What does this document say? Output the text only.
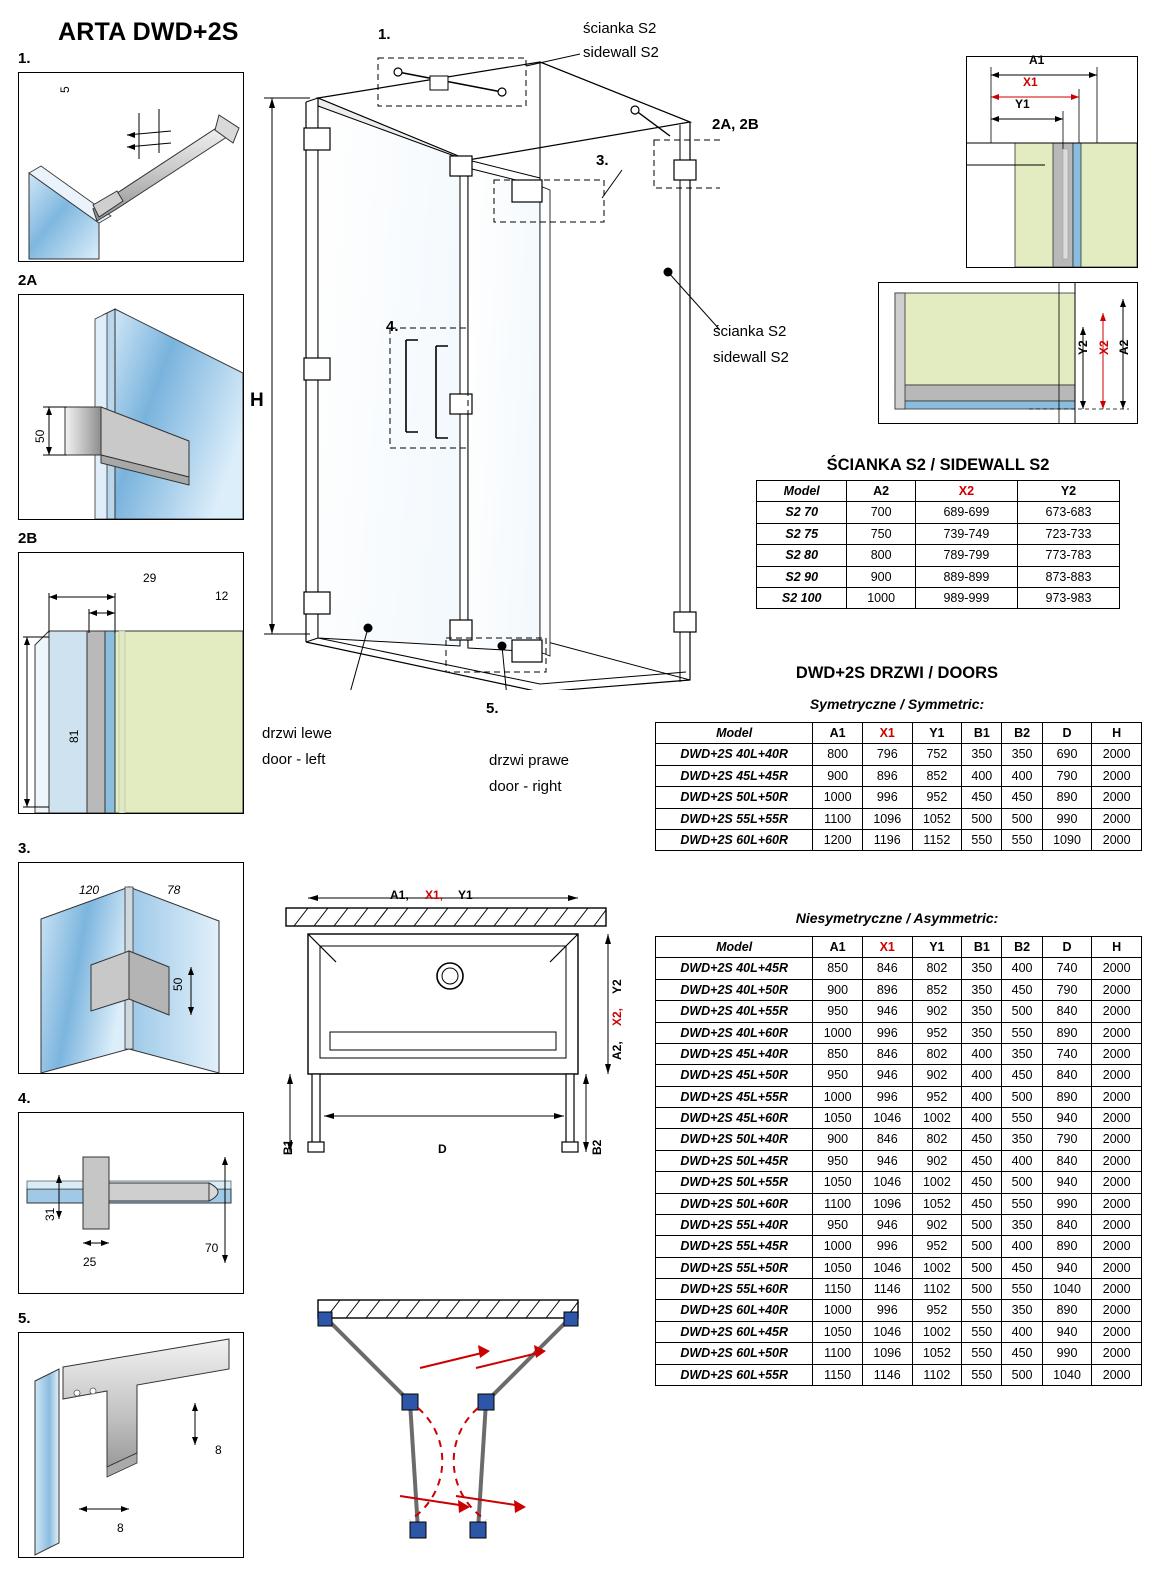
ARTA DWD+2S
1.
5
2A
50
2B
29
12
81
3.
120	78
50
4.
31
25
70
5.
8
8
H
1.
3.
4.
5.
2A, 2B
ścianka S2
sidewall S2
ścianka S2
sidewall S2
drzwi lewe
door - left	drzwi prawe
door - right
A1, X1, Y1
A2,
X2,
Y2
B1	B2
D
A1
X1
Y1
Y2 X2 A2
ŚCIANKA S2 / SIDEWALL S2
Model	A2	X2	Y2
S2 70	700	689-699	673-683
S2 75	750	739-749	723-733
S2 80	800	789-799	773-783
S2 90	900	889-899	873-883
S2 100	1000	989-999	973-983
DWD+2S DRZWI / DOORS
Symetryczne / Symmetric:
Model	A1	X1	Y1	B1	B2	D	H
DWD+2S 40L+40R	800	796	752	350	350	690	2000
DWD+2S 45L+45R	900	896	852	400	400	790	2000
DWD+2S 50L+50R	1000	996	952	450	450	890	2000
DWD+2S 55L+55R	1100	1096	1052	500	500	990	2000
DWD+2S 60L+60R	1200	1196	1152	550	550	1090	2000
Niesymetryczne / Asymmetric:
Model	A1	X1	Y1	B1	B2	D	H
DWD+2S 40L+45R	850	846	802	350	400	740	2000
DWD+2S 40L+50R	900	896	852	350	450	790	2000
DWD+2S 40L+55R	950	946	902	350	500	840	2000
DWD+2S 40L+60R	1000	996	952	350	550	890	2000
DWD+2S 45L+40R	850	846	802	400	350	740	2000
DWD+2S 45L+50R	950	946	902	400	450	840	2000
DWD+2S 45L+55R	1000	996	952	400	500	890	2000
DWD+2S 45L+60R	1050	1046	1002	400	550	940	2000
DWD+2S 50L+40R	900	846	802	450	350	790	2000
DWD+2S 50L+45R	950	946	902	450	400	840	2000
DWD+2S 50L+55R	1050	1046	1002	450	500	940	2000
DWD+2S 50L+60R	1100	1096	1052	450	550	990	2000
DWD+2S 55L+40R	950	946	902	500	350	840	2000
DWD+2S 55L+45R	1000	996	952	500	400	890	2000
DWD+2S 55L+50R	1050	1046	1002	500	450	940	2000
DWD+2S 55L+60R	1150	1146	1102	500	550	1040	2000
DWD+2S 60L+40R	1000	996	952	550	350	890	2000
DWD+2S 60L+45R	1050	1046	1002	550	400	940	2000
DWD+2S 60L+50R	1100	1096	1052	550	450	990	2000
DWD+2S 60L+55R	1150	1146	1102	550	500	1040	2000
